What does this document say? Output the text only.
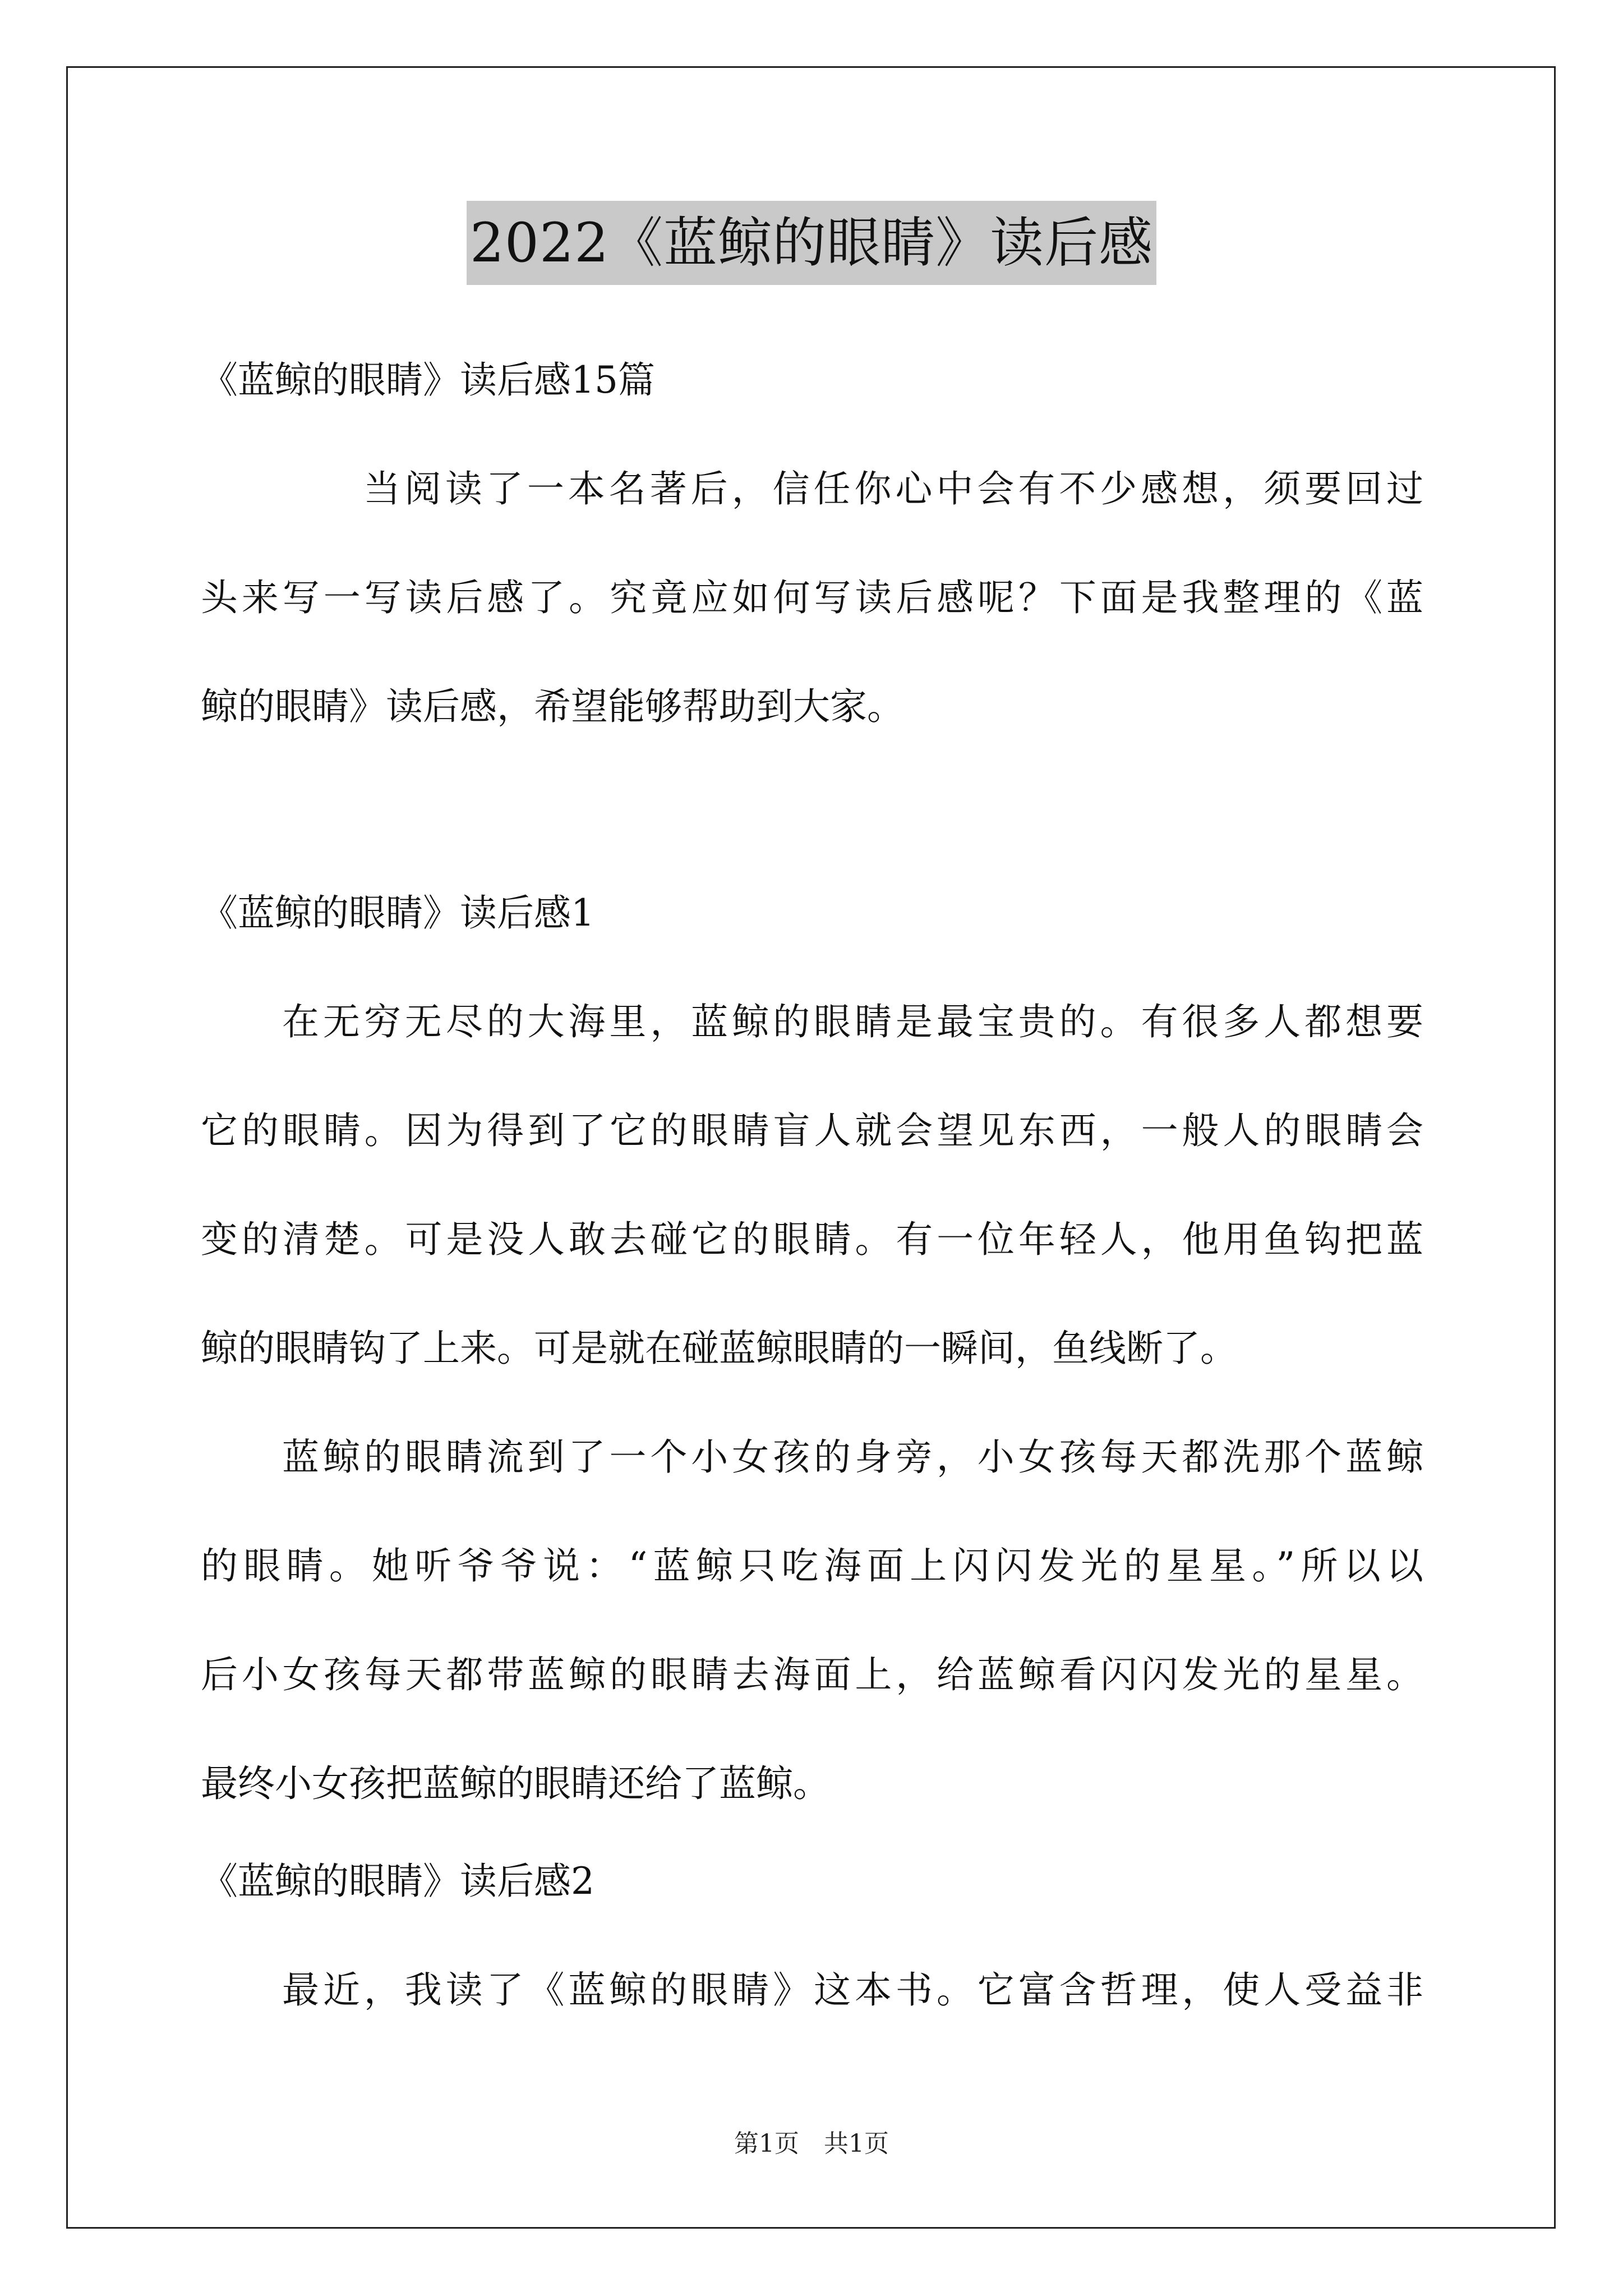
2022《蓝鲸的眼睛》读后感
《蓝鲸的眼睛》读后感15篇
当阅读了一本名著后，信任你心中会有不少感想，须要回过
头来写一写读后感了。究竟应如何写读后感呢？下面是我整理的《蓝
鲸的眼睛》读后感，希望能够帮助到大家。
《蓝鲸的眼睛》读后感1
在无穷无尽的大海里，蓝鲸的眼睛是最宝贵的。有很多人都想要
它的眼睛。因为得到了它的眼睛盲人就会望见东西，一般人的眼睛会
变的清楚。可是没人敢去碰它的眼睛。有一位年轻人，他用鱼钩把蓝
鲸的眼睛钩了上来。可是就在碰蓝鲸眼睛的一瞬间，鱼线断了。
蓝鲸的眼睛流到了一个小女孩的身旁，小女孩每天都洗那个蓝鲸
的眼睛。她听爷爷说：“蓝鲸只吃海面上闪闪发光的星星。”所以以
后小女孩每天都带蓝鲸的眼睛去海面上，给蓝鲸看闪闪发光的星星。
最终小女孩把蓝鲸的眼睛还给了蓝鲸。
《蓝鲸的眼睛》读后感2
最近，我读了《蓝鲸的眼睛》这本书。它富含哲理，使人受益非
第1页　共1页
